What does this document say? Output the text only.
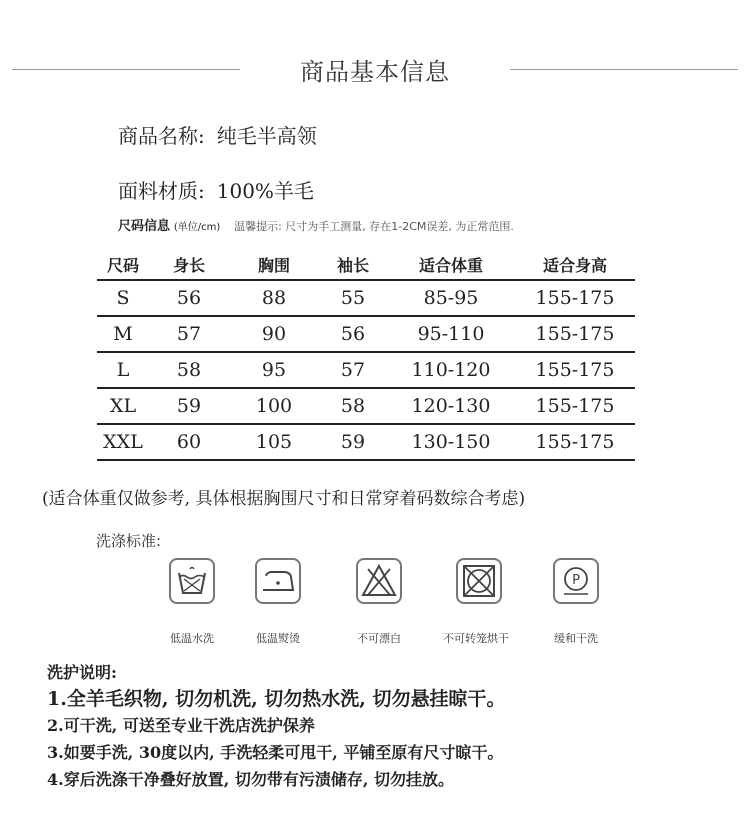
商品基本信息
商品名称: 纯毛半高领
面料材质: 100%羊毛
尺码信息 (单位/cm) 温馨提示: 尺寸为手工测量, 存在1-2CM误差, 为正常范围.
尺码	身长	胸围	袖长	适合体重	适合身高
S	56	88	55	85-95	155-175
M	57	90	56	95-110	155-175
L	58	95	57	110-120	155-175
XL	59	100	58	120-130	155-175
XXL	60	105	59	130-150	155-175
(适合体重仅做参考, 具体根据胸围尺寸和日常穿着码数综合考虑)
洗涤标准:
P
低温水洗	低温熨烫	不可漂白	不可转笼烘干	缓和干洗
洗护说明:
1.全羊毛织物, 切勿机洗, 切勿热水洗, 切勿悬挂晾干。
2.可干洗, 可送至专业干洗店洗护保养
3.如要手洗, 30度以内, 手洗轻柔可甩干, 平铺至原有尺寸晾干。
4.穿后洗涤干净叠好放置, 切勿带有污渍储存, 切勿挂放。
